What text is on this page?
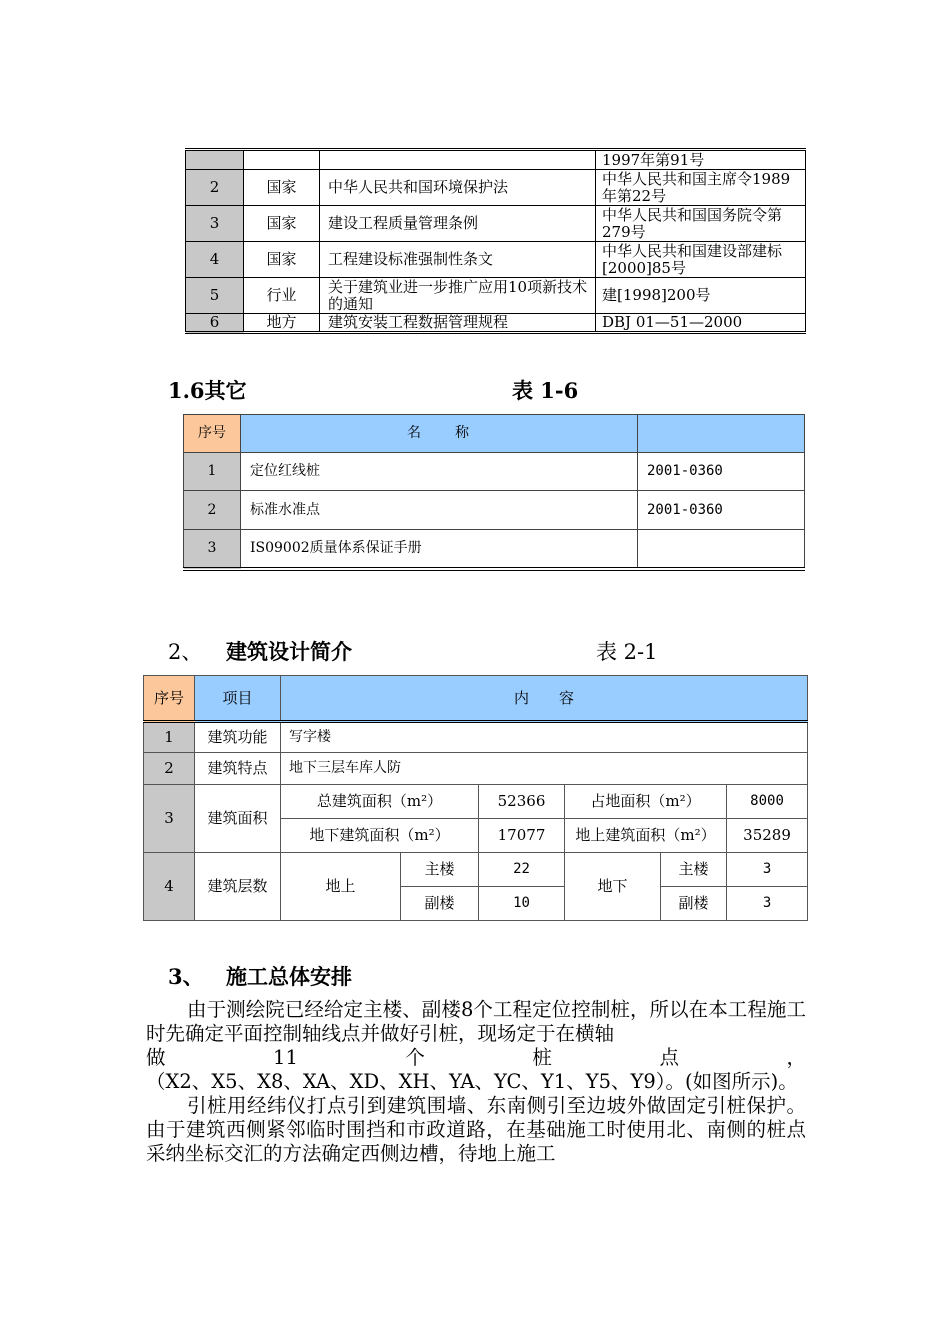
			1997年第91号
2	国家	中华人民共和国环境保护法	中华人民共和国主席令1989年第22号
3	国家	建设工程质量管理条例	中华人民共和国国务院令第279号
4	国家	工程建设标准强制性条文	中华人民共和国建设部建标[2000]85号
5	行业	关于建筑业进一步推广应用10项新技术的通知	建[1998]200号
6	地方	建筑安装工程数据管理规程	DBJ 01—51—2000
1.6其它	表 1-6
序号	名　　称	
1	定位红线桩	2001-0360
2	标准水准点	2001-0360
3	IS09002质量体系保证手册	
2、 建筑设计简介	表 2-1
序号	项目	内　　容					
1	建筑功能	写字楼					
2	建筑特点	地下三层车库人防					
3	建筑面积	总建筑面积（m²）		52366	占地面积（m²）		8000
		地下建筑面积（m²）		17077	地上建筑面积（m²）		35289
4	建筑层数	地上	主楼	22	地下	主楼	3
			副楼	10		副楼	3
3、 施工总体安排

由于测绘院已经给定主楼、副楼8个工程定位控制桩，所以在本工程施工时先确定平面控制轴线点并做好引桩，现场定于在横轴

做	11	个	桩	点	，

（X2、X5、X8、XA、XD、XH、YA、YC、Y1、Y5、Y9）。(如图所示)。

引桩用经纬仪打点引到建筑围墙、东南侧引至边坡外做固定引桩保护。由于建筑西侧紧邻临时围挡和市政道路，在基础施工时使用北、南侧的桩点采纳坐标交汇的方法确定西侧边槽，待地上施工
